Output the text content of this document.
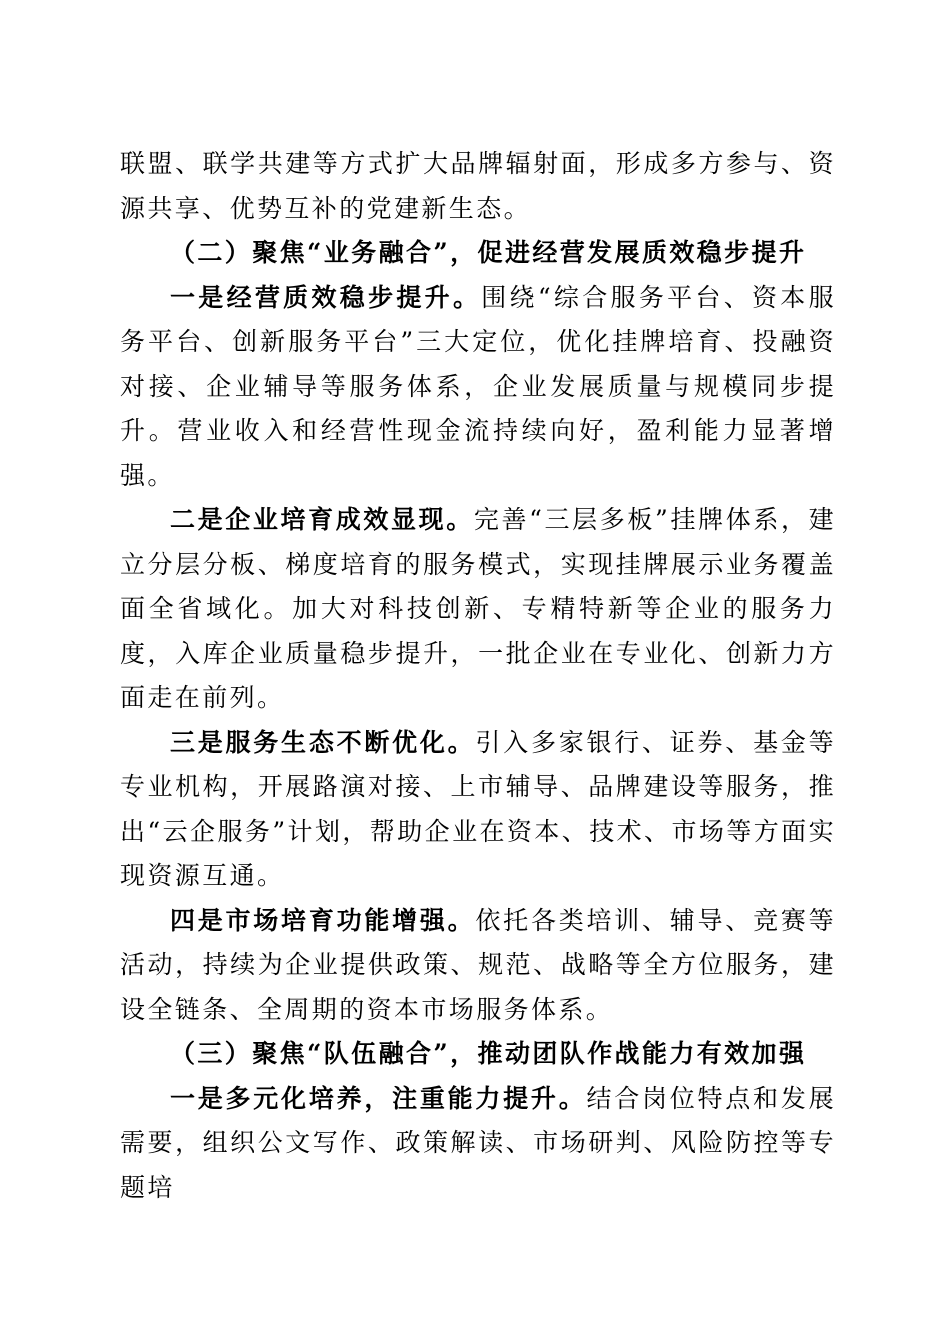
联盟、联学共建等方式扩大品牌辐射面，形成多方参与、资源共享、优势互补的党建新生态。

（二）聚焦“业务融合”，促进经营发展质效稳步提升

一是经营质效稳步提升。围绕“综合服务平台、资本服务平台、创新服务平台”三大定位，优化挂牌培育、投融资对接、企业辅导等服务体系，企业发展质量与规模同步提升。营业收入和经营性现金流持续向好，盈利能力显著增强。

二是企业培育成效显现。完善“三层多板”挂牌体系，建立分层分板、梯度培育的服务模式，实现挂牌展示业务覆盖面全省域化。加大对科技创新、专精特新等企业的服务力度，入库企业质量稳步提升，一批企业在专业化、创新力方面走在前列。

三是服务生态不断优化。引入多家银行、证券、基金等专业机构，开展路演对接、上市辅导、品牌建设等服务，推出“云企服务”计划，帮助企业在资本、技术、市场等方面实现资源互通。

四是市场培育功能增强。依托各类培训、辅导、竞赛等活动，持续为企业提供政策、规范、战略等全方位服务，建设全链条、全周期的资本市场服务体系。

（三）聚焦“队伍融合”，推动团队作战能力有效加强

一是多元化培养，注重能力提升。结合岗位特点和发展需要，组织公文写作、政策解读、市场研判、风险防控等专题培
